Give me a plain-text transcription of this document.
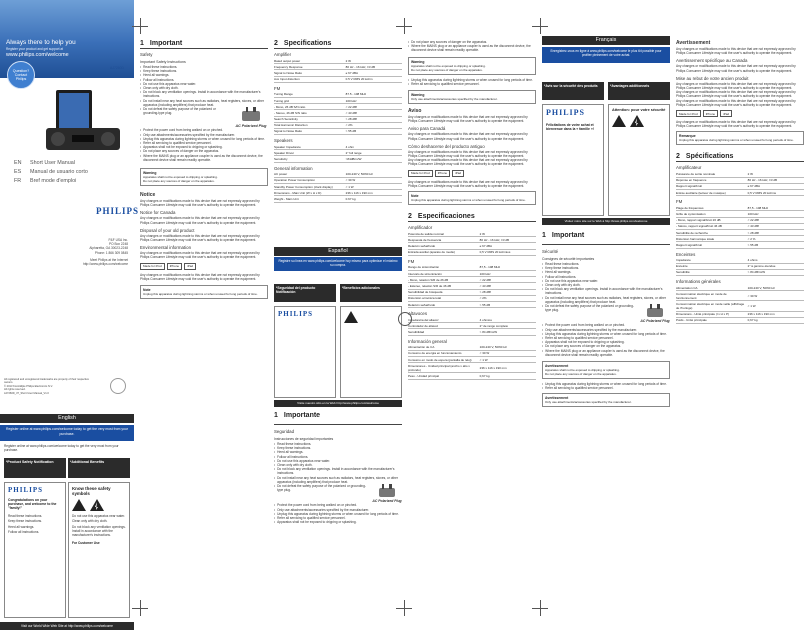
Always there to help you
Register your product and get support at
www.philips.com/welcome
Question? Contact Philips
AJ7260D
EN	Short User Manual
ES	Manual de usuario corto
FR	Bref mode d'emploi
PHILIPS
P&F USA Inc.
PO Box 2248
Alpharetta, GA 30023-2248
Phone: 1 866 309 0845
Meet Philips at the Internet
http://www.philips.com/welcome
All registered and unregistered trademarks are property of their respective owners.
© 2013 Koninklijke Philips Electronics N.V.
All rights reserved.
AJ7260D_37_Short User Manual_V1.0
English
Register online at www.philips.com/welcome today to get the very most from your purchase.

Register online at www.philips.com/welcome today to get the very most from your purchase.

*Product Safety Notification	*Additional Benefits
PHILIPS
Congratulations on your purchase, and welcome to the "family!"

Read these instructions.

Keep these instructions.

Heed all warnings.

Follow all instructions.

Know these safety symbols

Do not use this apparatus near water.

Clean only with dry cloth.

Do not block any ventilation openings. Install in accordance with the manufacturer's instructions.

For Customer Use
Visit our World Wide Web Site at http://www.philips.com/welcome
1 Important
Safety
Important Safety Instructions
• Read these instructions.
• Keep these instructions.
• Heed all warnings.
• Follow all instructions.
• Do not use this apparatus near water.
• Clean only with dry cloth.
• Do not block any ventilation openings. Install in accordance with the manufacturer's instructions.
• Do not install near any heat sources such as radiators, heat registers, stoves, or other apparatus (including amplifiers) that produce heat.
• Do not defeat the safety purpose of the polarized or grounding-type plug.
AC Polarized Plug
• Protect the power cord from being walked on or pinched.
• Only use attachments/accessories specified by the manufacturer.
• Unplug this apparatus during lightning storms or when unused for long periods of time.
• Refer all servicing to qualified service personnel.
• Apparatus shall not be exposed to dripping or splashing.
• Do not place any sources of danger on the apparatus.
• Where the MAINS plug or an appliance coupler is used as the disconnect device, the disconnect device shall remain readily operable.
Warning
Apparatus shall not be exposed to dripping or splashing.
Do not place any sources of danger on the apparatus.
Notice
Any changes or modifications made to this device that are not expressly approved by Philips Consumer Lifestyle may void the user's authority to operate the equipment.
Notice for Canada
Any changes or modifications made to this device that are not expressly approved by Philips Consumer Lifestyle may void the user's authority to operate the equipment.
Disposal of your old product
Any changes or modifications made to this device that are not expressly approved by Philips Consumer Lifestyle may void the user's authority to operate the equipment.
Environmental information
Any changes or modifications made to this device that are not expressly approved by Philips Consumer Lifestyle may void the user's authority to operate the equipment.
Made for iPod	iPhone	iPad
Any changes or modifications made to this device that are not expressly approved by Philips Consumer Lifestyle may void the user's authority to operate the equipment.
Note
Unplug this apparatus during lightning storms or when unused for long periods of time.
2 Specifications
Amplifier
Rated output power	2 W
Frequency Response	80 Hz - 16 kHz, ±3 dB
Signal to Noise Ratio	≥ 67 dBA
Aux Input distortion	0.5 V RMS 20 kohm
FM
Tuning Range	87.5 - 108 MHz
Tuning grid	100 kHz
- Mono, 26 dB S/N ratio	< 22 dBf
- Stereo, 46 dB S/N ratio	< 43 dBf
Search Sensitivity	> 28 dBf
Total Harmonic Distortion	< 2%
Signal to Noise Ratio	> 55 dB
Speakers
Speaker Impedance	4 ohm
Speaker Driver	2" full range
Sensitivity	>84dB/m/W
General information
AC power	100-240 V, 50/60 Hz
Operation Power Consumption	< 30 W
Standby Power Consumption (clock display)	< 1 W
Dimensions - Main Unit (W x H x D)	236 x 116 x 190 mm
Weight - Main Unit	0.67 kg
Español
Registre su línea en www.philips.com/welcome hoy mismo para optimizar el máximo su compra.
*Seguridad del producto Notificación
*Beneficios adicionales
PHILIPS
Visite nuestro sitio en la Web http://www.philips.com/welcome
1 Importante
Seguridad
Instrucciones de seguridad importantes
• Read these instructions.
• Keep these instructions.
• Heed all warnings.
• Follow all instructions.
• Do not use this apparatus near water.
• Clean only with dry cloth.
• Do not block any ventilation openings. Install in accordance with the manufacturer's instructions.
• Do not install near any heat sources such as radiators, heat registers, stoves, or other apparatus (including amplifiers) that produce heat.
• Do not defeat the safety purpose of the polarized or grounding-type plug.
AC Polarized Plug
• Protect the power cord from being walked on or pinched.
• Only use attachments/accessories specified by the manufacturer.
• Unplug this apparatus during lightning storms or when unused for long periods of time.
• Refer all servicing to qualified service personnel.
• Apparatus shall not be exposed to dripping or splashing.
• Do not place any sources of danger on the apparatus.
• Where the MAINS plug or an appliance coupler is used as the disconnect device, the disconnect device shall remain readily operable.
Warning
Apparatus shall not be exposed to dripping or splashing.
Do not place any sources of danger on the apparatus.
• Unplug this apparatus during lightning storms or when unused for long periods of time.
• Refer all servicing to qualified service personnel.
Warning
Only use attachments/accessories specified by the manufacturer.
Aviso
Any changes or modifications made to this device that are not expressly approved by Philips Consumer Lifestyle may void the user's authority to operate the equipment.
Aviso para Canadá
Any changes or modifications made to this device that are not expressly approved by Philips Consumer Lifestyle may void the user's authority to operate the equipment.
Cómo deshacerse del producto antiguo
Any changes or modifications made to this device that are not expressly approved by Philips Consumer Lifestyle may void the user's authority to operate the equipment.
Any changes or modifications made to this device that are not expressly approved by Philips Consumer Lifestyle may void the user's authority to operate the equipment.
Made for iPod	iPhone	iPad
Any changes or modifications made to this device that are not expressly approved by Philips Consumer Lifestyle may void the user's authority to operate the equipment.
Note
Unplug this apparatus during lightning storms or when unused for long periods of time.
2 Especificaciones
Amplificador
Potencia de salida nominal	2 W
Respuesta de frecuencia	80 Hz - 16 kHz, ±3 dB
Relación señal/ruido	≥ 67 dBA
Entrada auxiliar (aparato de medio)	0,5 V RMS 20 kohmios
FM
Rango de sintonización	87,5 - 108 MHz
Intervalo de sintonización	100 kHz
- Mono, relación S/R de 26 dB	< 22 dBf
- Estéreo, relación S/R de 46 dB	< 43 dBf
Sensibilidad de búsqueda	> 28 dBf
Distorsión armónica total	< 2%
Relación señal/ruido	> 55 dB
Altavoces
Impedancia del altavoz	4 ohmios
Controlador de altavoz	2" de rango completo
Sensibilidad	> 84 dB/m/W
Información general
Alimentación de CA	100-240 V, 50/60 Hz
Consumo de energía en funcionamiento	< 30 W
Consumo en modo de espera (pantalla de reloj)	< 1 W
Dimensiones - Unidad principal (ancho x alto x profundo)	236 x 116 x 190 mm
Peso - Unidad principal	0,67 kg
Français
Enregistrez-vous en ligne à www.philips.com/welcome le plus tôt possible pour profiter pleinement de votre achat.
*Avis sur la sécurité des produits	*Avantages additionnels
PHILIPS
Félicitations de votre achat et bienvenue dans la « famille »!
Attention: pour votre sécurité
Visitez notre site sur le Web à http://www.philips.com/welcome
1 Important
Sécurité
Consignes de sécurité importantes
• Read these instructions.
• Keep these instructions.
• Heed all warnings.
• Follow all instructions.
• Do not use this apparatus near water.
• Clean only with dry cloth.
• Do not block any ventilation openings. Install in accordance with the manufacturer's instructions.
• Do not install near any heat sources such as radiators, heat registers, stoves, or other apparatus (including amplifiers) that produce heat.
• Do not defeat the safety purpose of the polarized or grounding-type plug.
AC Polarized Plug
• Protect the power cord from being walked on or pinched.
• Only use attachments/accessories specified by the manufacturer.
• Unplug this apparatus during lightning storms or when unused for long periods of time.
• Refer all servicing to qualified service personnel.
• Apparatus shall not be exposed to dripping or splashing.
• Do not place any sources of danger on the apparatus.
• Where the MAINS plug or an appliance coupler is used as the disconnect device, the disconnect device shall remain readily operable.
Avertissement
Apparatus shall not be exposed to dripping or splashing.
Do not place any sources of danger on the apparatus.
• Unplug this apparatus during lightning storms or when unused for long periods of time.
• Refer all servicing to qualified service personnel.
Avertissement
Only use attachments/accessories specified by the manufacturer.
Avertissement
Any changes or modifications made to this device that are not expressly approved by Philips Consumer Lifestyle may void the user's authority to operate the equipment.
Avertissement spécifique au Canada
Any changes or modifications made to this device that are not expressly approved by Philips Consumer Lifestyle may void the user's authority to operate the equipment.
Mise au rebut de votre ancien produit
Any changes or modifications made to this device that are not expressly approved by Philips Consumer Lifestyle may void the user's authority to operate the equipment.
Any changes or modifications made to this device that are not expressly approved by Philips Consumer Lifestyle may void the user's authority to operate the equipment.
Any changes or modifications made to this device that are not expressly approved by Philips Consumer Lifestyle may void the user's authority to operate the equipment.
Made for iPod	iPhone	iPad
Any changes or modifications made to this device that are not expressly approved by Philips Consumer Lifestyle may void the user's authority to operate the equipment.
Remarque
Unplug this apparatus during lightning storms or when unused for long periods of time.
2 Spécifications
Amplificateur
Puissance de sortie nominale	2 W
Réponse en fréquence	80 Hz - 16 kHz, ±3 dB
Rapport signal/bruit	≥ 67 dBA
Entrée auxiliaire (lecteur de musique)	0,5 V RMS 20 kohms
FM
Plage de fréquences	87,5 - 108 MHz
Grille de syntonisation	100 kHz
- Mono, rapport signal/bruit 26 dB	< 22 dBf
- Stéréo, rapport signal/bruit 46 dB	< 43 dBf
Sensibilité de recherche	> 28 dBf
Distorsion harmonique totale	< 2 %
Rapport signal/bruit	> 55 dB
Enceintes
Impédance	4 ohms
Enceinte	2" à gamme étendue
Sensibilité	> 84 dB/m/W
Informations générales
Alimentation CA	100-240 V, 50/60 Hz
Consommation électrique en mode de fonctionnement	< 30 W
Consommation électrique en mode veille (affichage de l'horloge)	< 1 W
Dimensions - Unité principale (l x H x P)	236 x 116 x 190 mm
Poids - Unité principale	0,67 kg
